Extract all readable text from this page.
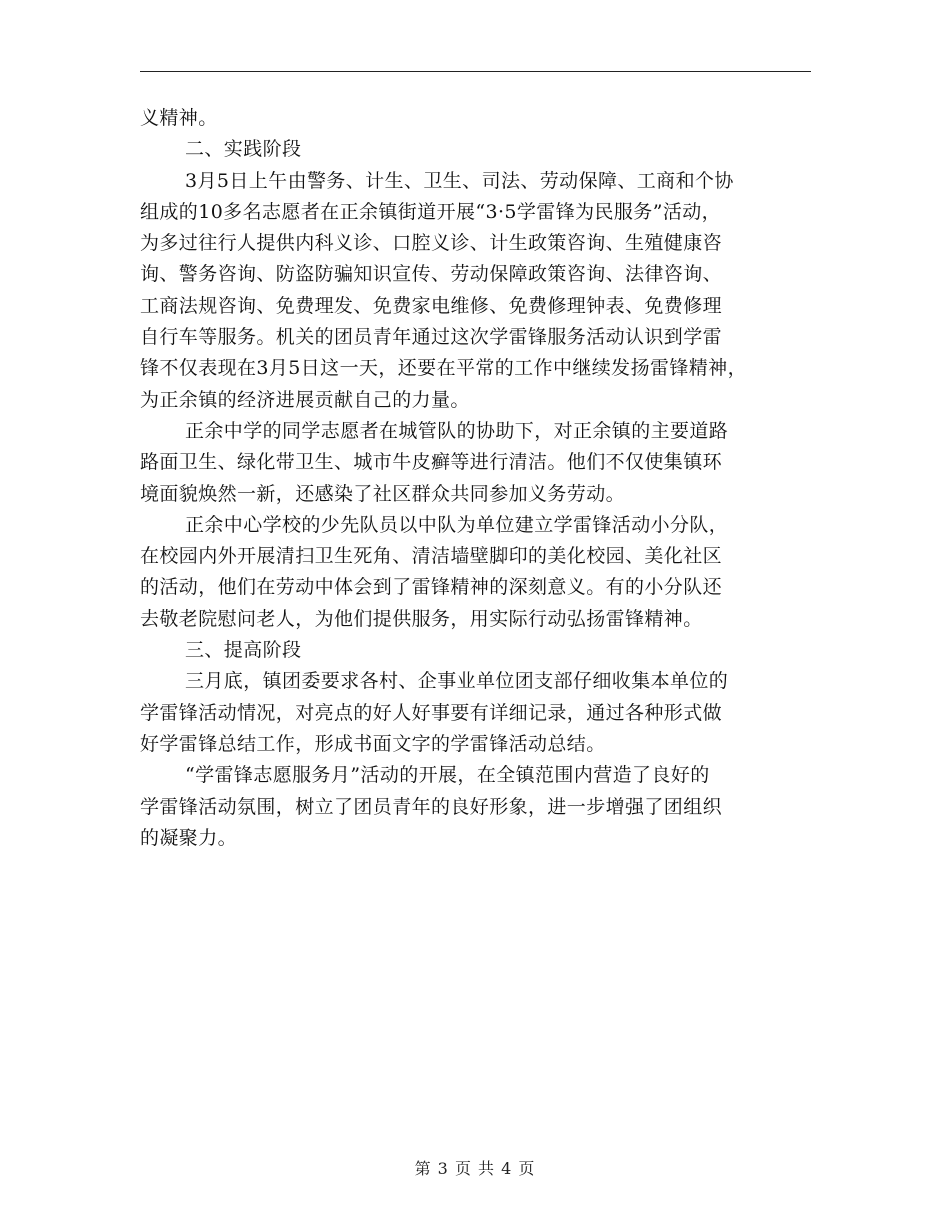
义精神。
二、实践阶段
3月5日上午由警务、计生、卫生、司法、劳动保障、工商和个协
组成的10多名志愿者在正余镇街道开展“3·5学雷锋为民服务”活动，
为多过往行人提供内科义诊、口腔义诊、计生政策咨询、生殖健康咨
询、警务咨询、防盗防骗知识宣传、劳动保障政策咨询、法律咨询、
工商法规咨询、免费理发、免费家电维修、免费修理钟表、免费修理
自行车等服务。机关的团员青年通过这次学雷锋服务活动认识到学雷
锋不仅表现在3月5日这一天，还要在平常的工作中继续发扬雷锋精神，
为正余镇的经济进展贡献自己的力量。
正余中学的同学志愿者在城管队的协助下，对正余镇的主要道路
路面卫生、绿化带卫生、城市牛皮癣等进行清洁。他们不仅使集镇环
境面貌焕然一新，还感染了社区群众共同参加义务劳动。
正余中心学校的少先队员以中队为单位建立学雷锋活动小分队，
在校园内外开展清扫卫生死角、清洁墙壁脚印的美化校园、美化社区
的活动，他们在劳动中体会到了雷锋精神的深刻意义。有的小分队还
去敬老院慰问老人，为他们提供服务，用实际行动弘扬雷锋精神。
三、提高阶段
三月底，镇团委要求各村、企事业单位团支部仔细收集本单位的
学雷锋活动情况，对亮点的好人好事要有详细记录，通过各种形式做
好学雷锋总结工作，形成书面文字的学雷锋活动总结。
“学雷锋志愿服务月”活动的开展，在全镇范围内营造了良好的
学雷锋活动氛围，树立了团员青年的良好形象，进一步增强了团组织
的凝聚力。
第 3 页 共 4 页
